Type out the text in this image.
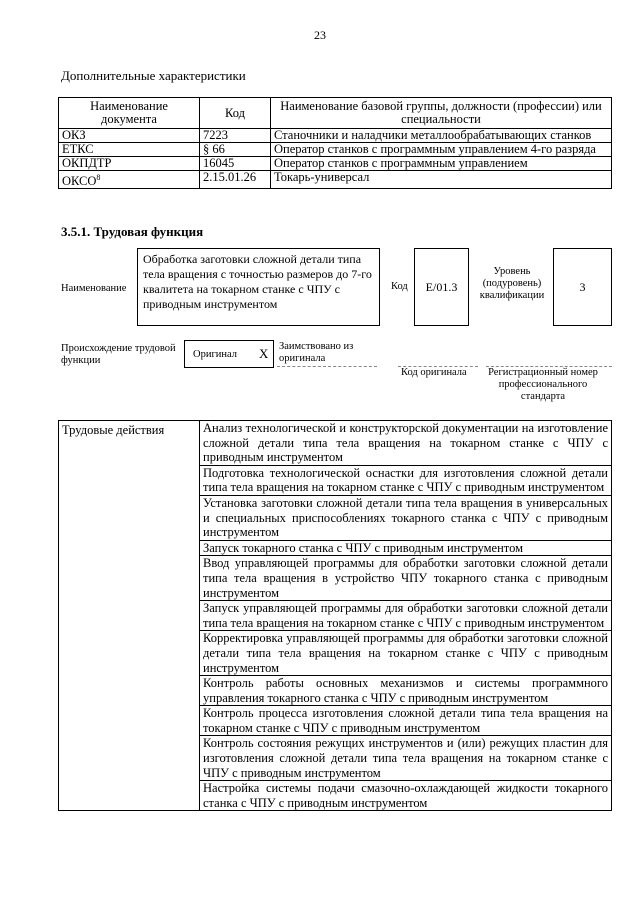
23
Дополнительные характеристики
Наименование документа	Код	Наименование базовой группы, должности (профессии) или специальности
ОКЗ	7223	Станочники и наладчики металлообрабатывающих станков
ЕТКС	§ 66	Оператор станков с программным управлением 4-го разряда
ОКПДТР	16045	Оператор станков с программным управлением
ОКСО$^8$	2.15.01.26	Токарь-универсал
3.5.1. Трудовая функция
Наименование
Обработка заготовки сложной детали типа тела вращения с точностью размеров до 7-го квалитета на токарном станке с ЧПУ с приводным инструментом
Код	E/01.3
Уровень (подуровень) квалификации
3
Происхождение трудовой функции
Оригинал X Заимствовано из оригинала
Код оригинала	Регистрационный номер профессионального стандарта
Трудовые действия	Анализ технологической и конструкторской документации на изготовление сложной детали типа тела вращения на токарном станке с ЧПУ с приводным инструментом
Подготовка технологической оснастки для изготовления сложной детали типа тела вращения на токарном станке с ЧПУ с приводным инструментом
Установка заготовки сложной детали типа тела вращения в универсальных и специальных приспособлениях токарного станка с ЧПУ с приводным инструментом
Запуск токарного станка с ЧПУ с приводным инструментом
Ввод управляющей программы для обработки заготовки сложной детали типа тела вращения в устройство ЧПУ токарного станка с приводным инструментом
Запуск управляющей программы для обработки заготовки сложной детали типа тела вращения на токарном станке с ЧПУ с приводным инструментом
Корректировка управляющей программы для обработки заготовки сложной детали типа тела вращения на токарном станке с ЧПУ с приводным инструментом
Контроль работы основных механизмов и системы программного управления токарного станка с ЧПУ с приводным инструментом
Контроль процесса изготовления сложной детали типа тела вращения на токарном станке с ЧПУ с приводным инструментом
Контроль состояния режущих инструментов и (или) режущих пластин для изготовления сложной детали типа тела вращения на токарном станке с ЧПУ с приводным инструментом
Настройка системы подачи смазочно-охлаждающей жидкости токарного станка с ЧПУ с приводным инструментом
